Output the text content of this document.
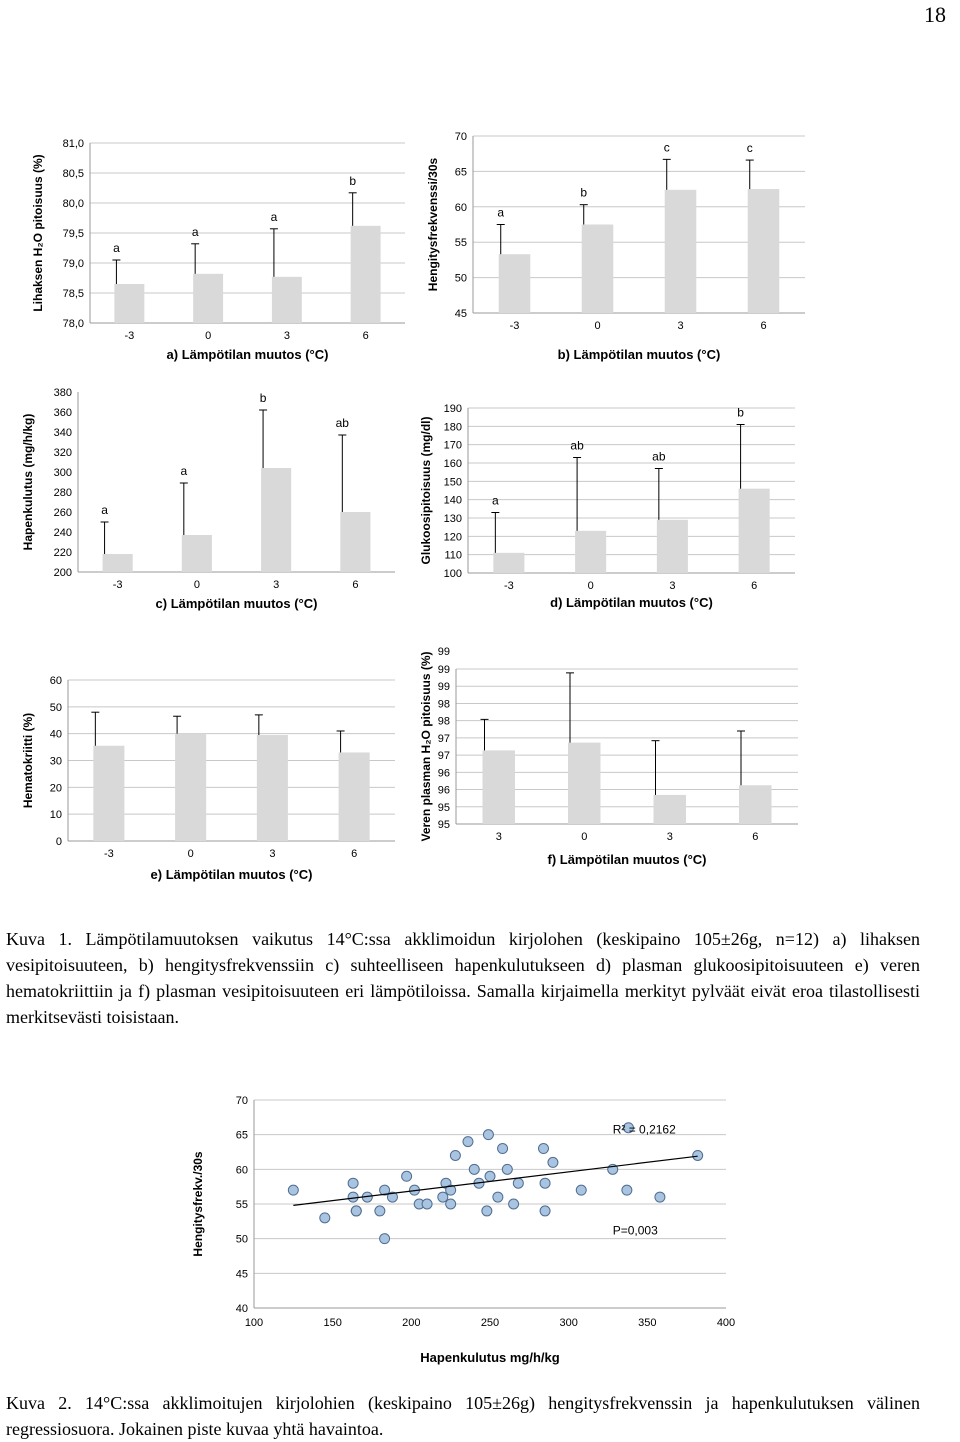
18
78,0
78,5
79,0
79,5
80,0
80,5
81,0
Lihaksen H₂O pitoisuus (%)	a
-3
a
0
a
3
b
6
a) Lämpötilan muutos (°C)
45
50
55
60
65
70
Hengitysfrekvenssi/30s	a
-3
b
0
c
3
c
6
b) Lämpötilan muutos (°C)
200
220
240
260
280
300
320
340
360
380
Hapenkulutus (mg/h/kg)	a
-3
a
0
b
3
ab
6
c) Lämpötilan muutos (°C)
100
110
120
130
140
150
160
170
180
190
Glukoosipitoisuus (mg/dl)	a
-3
ab
0
ab
3
b
6
d) Lämpötilan muutos (°C)
0
10
20
30
40
50
60
Hematokriitti (%)
-3	0	3	6
e) Lämpötilan muutos (°C)
95
95
96
96
97
97
98
98
99
99
99
Veren plasman H₂O pitoisuus (%)	3	0	3	6
f) Lämpötilan muutos (°C)
Kuva 1. Lämpötilamuutoksen vaikutus 14°C:ssa akklimoidun kirjolohen (keskipaino 105±26g, n=12) a) lihaksen vesipitoisuuteen, b) hengitysfrekvenssiin c) suhteelliseen hapenkulutukseen d) plasman glukoosipitoisuuteen e) veren hematokriittiin ja f) plasman vesipitoisuuteen eri lämpötiloissa. Samalla kirjaimella merkityt pylväät eivät eroa tilastollisesti merkitsevästi toisistaan.
40
45
50
55
60
65
70
Hengitysfrekv./30s
100	150	200	250	300	350	400
Hapenkulutus mg/h/kg
R² = 0,2162
P=0,003
Kuva 2. 14°C:ssa akklimoitujen kirjolohien (keskipaino 105±26g) hengitysfrekvenssin ja hapenkulutuksen välinen regressiosuora. Jokainen piste kuvaa yhtä havaintoa.
